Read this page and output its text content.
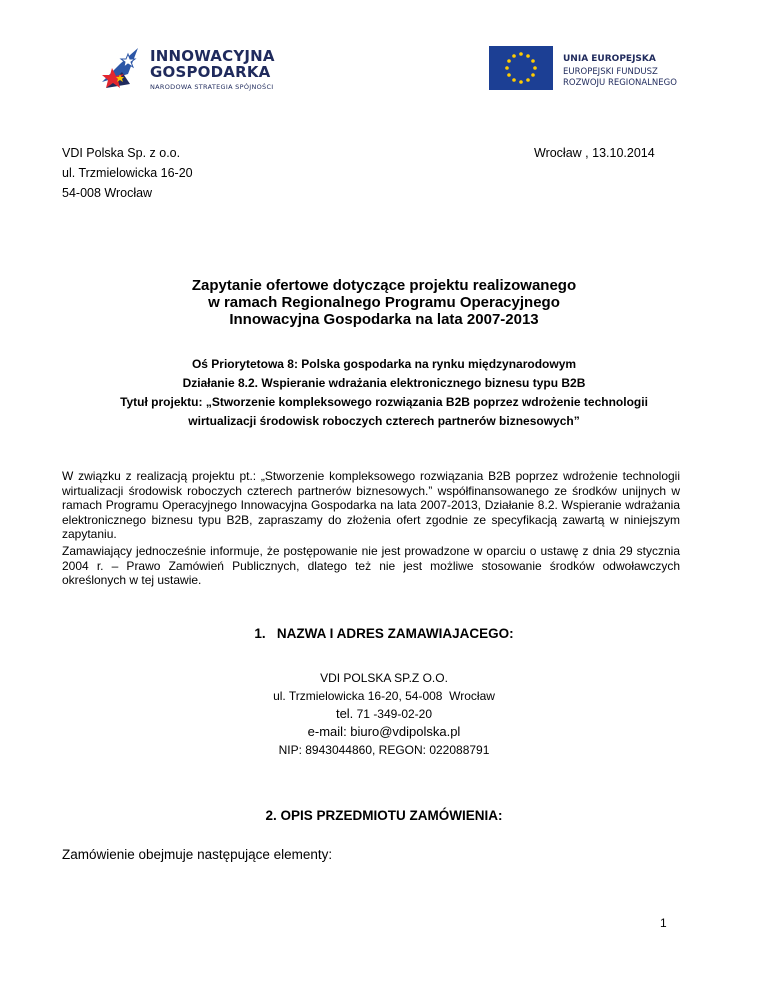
INNOWACYJNA
GOSPODARKA
NARODOWA STRATEGIA SPÓJNOŚCI
UNIA EUROPEJSKA
EUROPEJSKI FUNDUSZ
ROZWOJU REGIONALNEGO
VDI Polska Sp. z o.o.
ul. Trzmielowicka 16-20
54-008 Wrocław
Wrocław , 13.10.2014
Zapytanie ofertowe dotyczące projektu realizowanego
w ramach Regionalnego Programu Operacyjnego
Innowacyjna Gospodarka na lata 2007-2013
Oś Priorytetowa 8: Polska gospodarka na rynku międzynarodowym
Działanie 8.2. Wspieranie wdrażania elektronicznego biznesu typu B2B
Tytuł projektu: „Stworzenie kompleksowego rozwiązania B2B poprzez wdrożenie technologii
wirtualizacji środowisk roboczych czterech partnerów biznesowych”
W związku z realizacją projektu pt.: „Stworzenie kompleksowego rozwiązania B2B poprzez wdrożenie technologii wirtualizacji środowisk roboczych czterech partnerów biznesowych.” współfinansowanego ze środków unijnych w ramach Programu Operacyjnego Innowacyjna Gospodarka na lata 2007-2013, Działanie 8.2. Wspieranie wdrażania elektronicznego biznesu typu B2B, zapraszamy do złożenia ofert zgodnie ze specyfikacją zawartą w niniejszym zapytaniu.
Zamawiający jednocześnie informuje, że postępowanie nie jest prowadzone w oparciu o ustawę z dnia 29 stycznia 2004 r. – Prawo Zamówień Publicznych, dlatego też nie jest możliwe stosowanie środków odwoławczych określonych w tej ustawie.
1.   NAZWA I ADRES ZAMAWIAJACEGO:
VDI POLSKA SP.Z O.O.
ul. Trzmielowicka 16-20, 54-008  Wrocław
tel. 71 -349-02-20
e-mail: biuro@vdipolska.pl
NIP: 8943044860, REGON: 022088791
2. OPIS PRZEDMIOTU ZAMÓWIENIA:
Zamówienie obejmuje następujące elementy:
1
